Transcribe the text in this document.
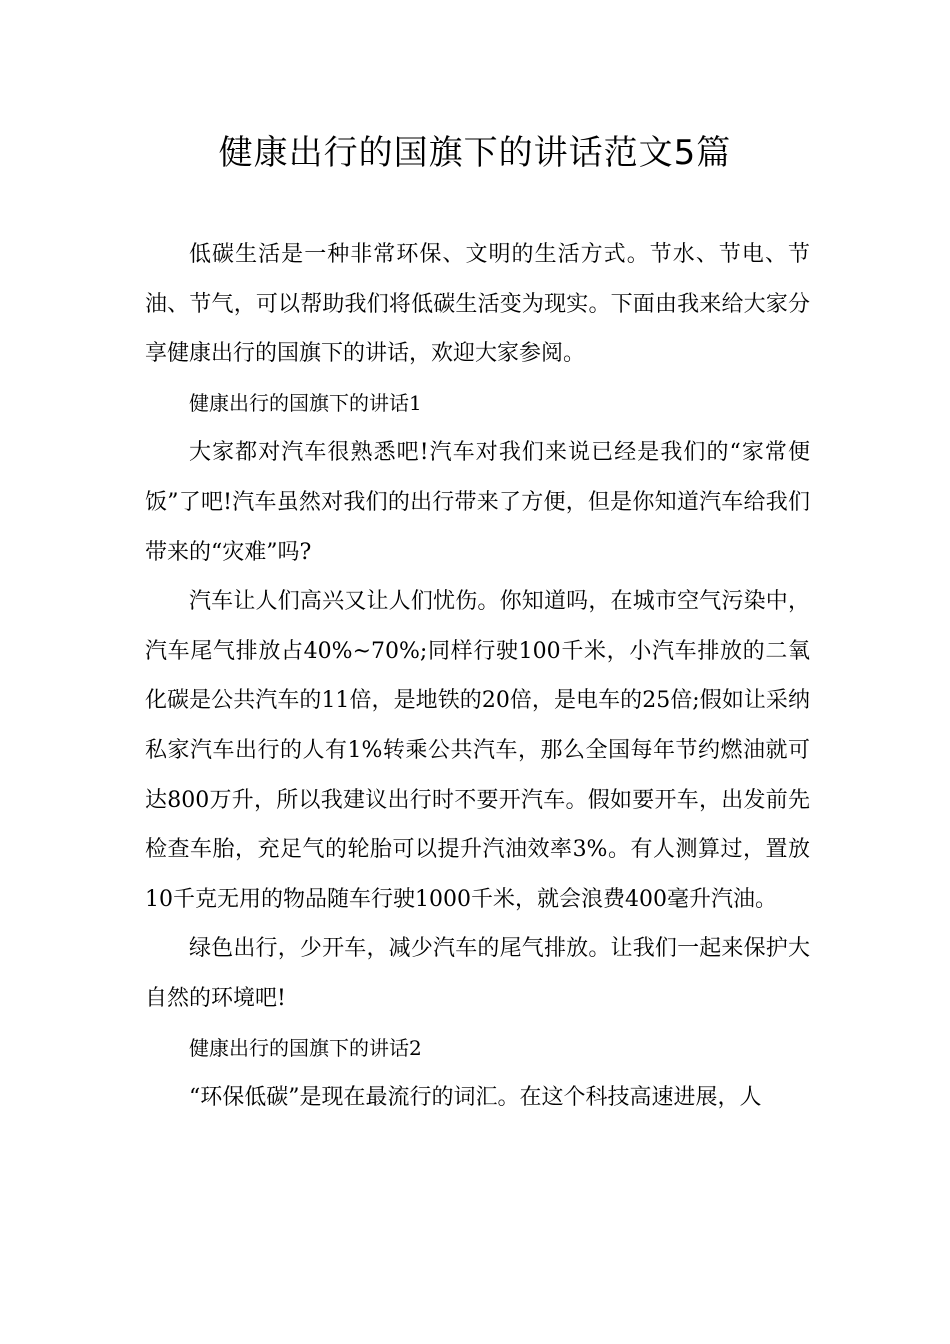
健康出行的国旗下的讲话范文5篇

低碳生活是一种非常环保、文明的生活方式。节水、节电、节油、节气，可以帮助我们将低碳生活变为现实。下面由我来给大家分享健康出行的国旗下的讲话，欢迎大家参阅。

健康出行的国旗下的讲话1

大家都对汽车很熟悉吧!汽车对我们来说已经是我们的“家常便饭”了吧!汽车虽然对我们的出行带来了方便，但是你知道汽车给我们带来的“灾难”吗?

汽车让人们高兴又让人们忧伤。你知道吗，在城市空气污染中，汽车尾气排放占40%~70%;同样行驶100千米，小汽车排放的二氧化碳是公共汽车的11倍，是地铁的20倍，是电车的25倍;假如让采纳私家汽车出行的人有1%转乘公共汽车，那么全国每年节约燃油就可达800万升，所以我建议出行时不要开汽车。假如要开车，出发前先检查车胎，充足气的轮胎可以提升汽油效率3%。有人测算过，置放10千克无用的物品随车行驶1000千米，就会浪费400毫升汽油。

绿色出行，少开车，减少汽车的尾气排放。让我们一起来保护大自然的环境吧!

健康出行的国旗下的讲话2

“环保低碳”是现在最流行的词汇。在这个科技高速进展，人
